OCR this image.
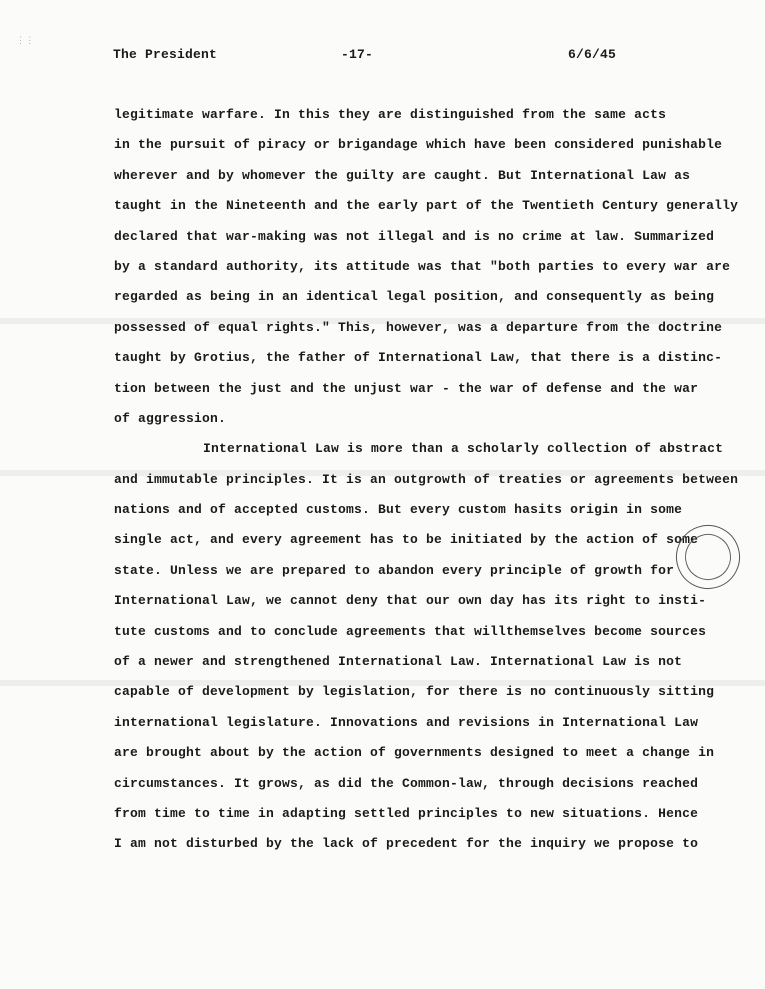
⋮⋮
The President	-17-	6/6/45
legitimate warfare. In this they are distinguished from the same acts
in the pursuit of piracy or brigandage which have been considered punishable
wherever and by whomever the guilty are caught. But International Law as
taught in the Nineteenth and the early part of the Twentieth Century generally
declared that war-making was not illegal and is no crime at law. Summarized
by a standard authority, its attitude was that "both parties to every war are
regarded as being in an identical legal position, and consequently as being
possessed of equal rights." This, however, was a departure from the doctrine
taught by Grotius, the father of International Law, that there is a distinc-
tion between the just and the unjust war - the war of defense and the war
of aggression.
International Law is more than a scholarly collection of abstract
and immutable principles. It is an outgrowth of treaties or agreements between
nations and of accepted customs. But every custom hasits origin in some
single act, and every agreement has to be initiated by the action of some
state. Unless we are prepared to abandon every principle of growth for
International Law, we cannot deny that our own day has its right to insti-
tute customs and to conclude agreements that willthemselves become sources
of a newer and strengthened International Law. International Law is not
capable of development by legislation, for there is no continuously sitting
international legislature. Innovations and revisions in International Law
are brought about by the action of governments designed to meet a change in
circumstances. It grows, as did the Common-law, through decisions reached
from time to time in adapting settled principles to new situations. Hence
I am not disturbed by the lack of precedent for the inquiry we propose to
